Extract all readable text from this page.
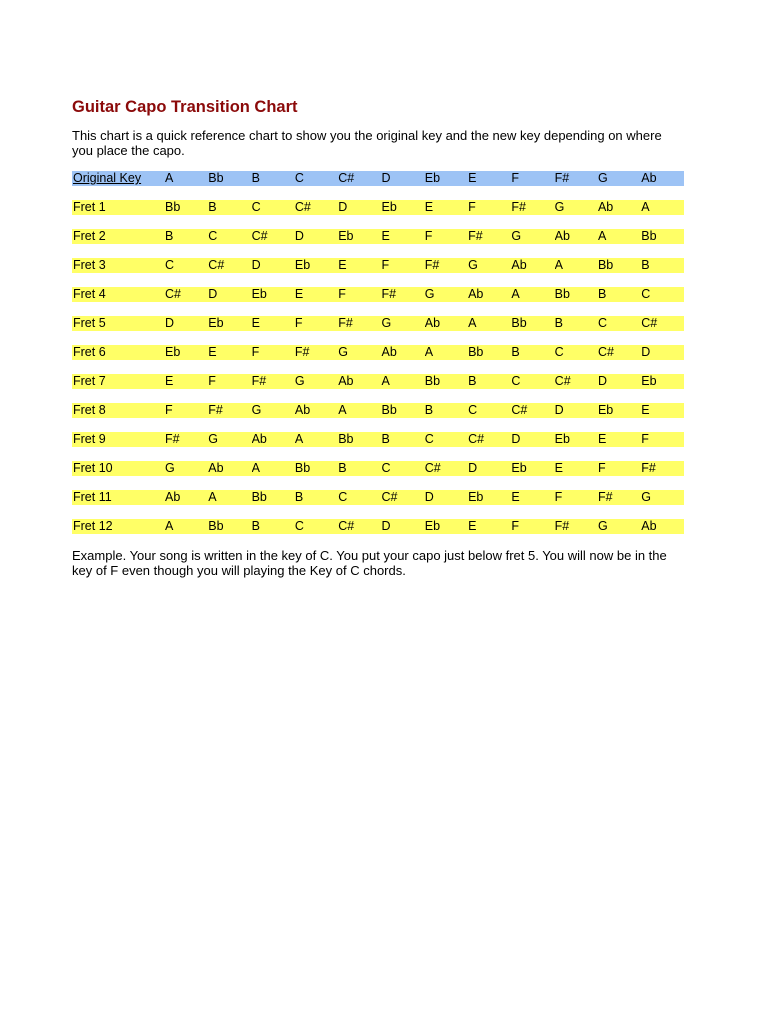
Guitar Capo Transition Chart
This chart is a quick reference chart to show you the original key and the new key depending on where you place the capo.
Original Key	A	Bb	B	C	C#	D	Eb	E	F	F#	G	Ab
Fret 1	Bb	B	C	C#	D	Eb	E	F	F#	G	Ab	A
Fret 2	B	C	C#	D	Eb	E	F	F#	G	Ab	A	Bb
Fret 3	C	C#	D	Eb	E	F	F#	G	Ab	A	Bb	B
Fret 4	C#	D	Eb	E	F	F#	G	Ab	A	Bb	B	C
Fret 5	D	Eb	E	F	F#	G	Ab	A	Bb	B	C	C#
Fret 6	Eb	E	F	F#	G	Ab	A	Bb	B	C	C#	D
Fret 7	E	F	F#	G	Ab	A	Bb	B	C	C#	D	Eb
Fret 8	F	F#	G	Ab	A	Bb	B	C	C#	D	Eb	E
Fret 9	F#	G	Ab	A	Bb	B	C	C#	D	Eb	E	F
Fret 10	G	Ab	A	Bb	B	C	C#	D	Eb	E	F	F#
Fret 11	Ab	A	Bb	B	C	C#	D	Eb	E	F	F#	G
Fret 12	A	Bb	B	C	C#	D	Eb	E	F	F#	G	Ab
Example. Your song is written in the key of C. You put your capo just below fret 5. You will now be in the key of F even though you will playing the Key of C chords.
